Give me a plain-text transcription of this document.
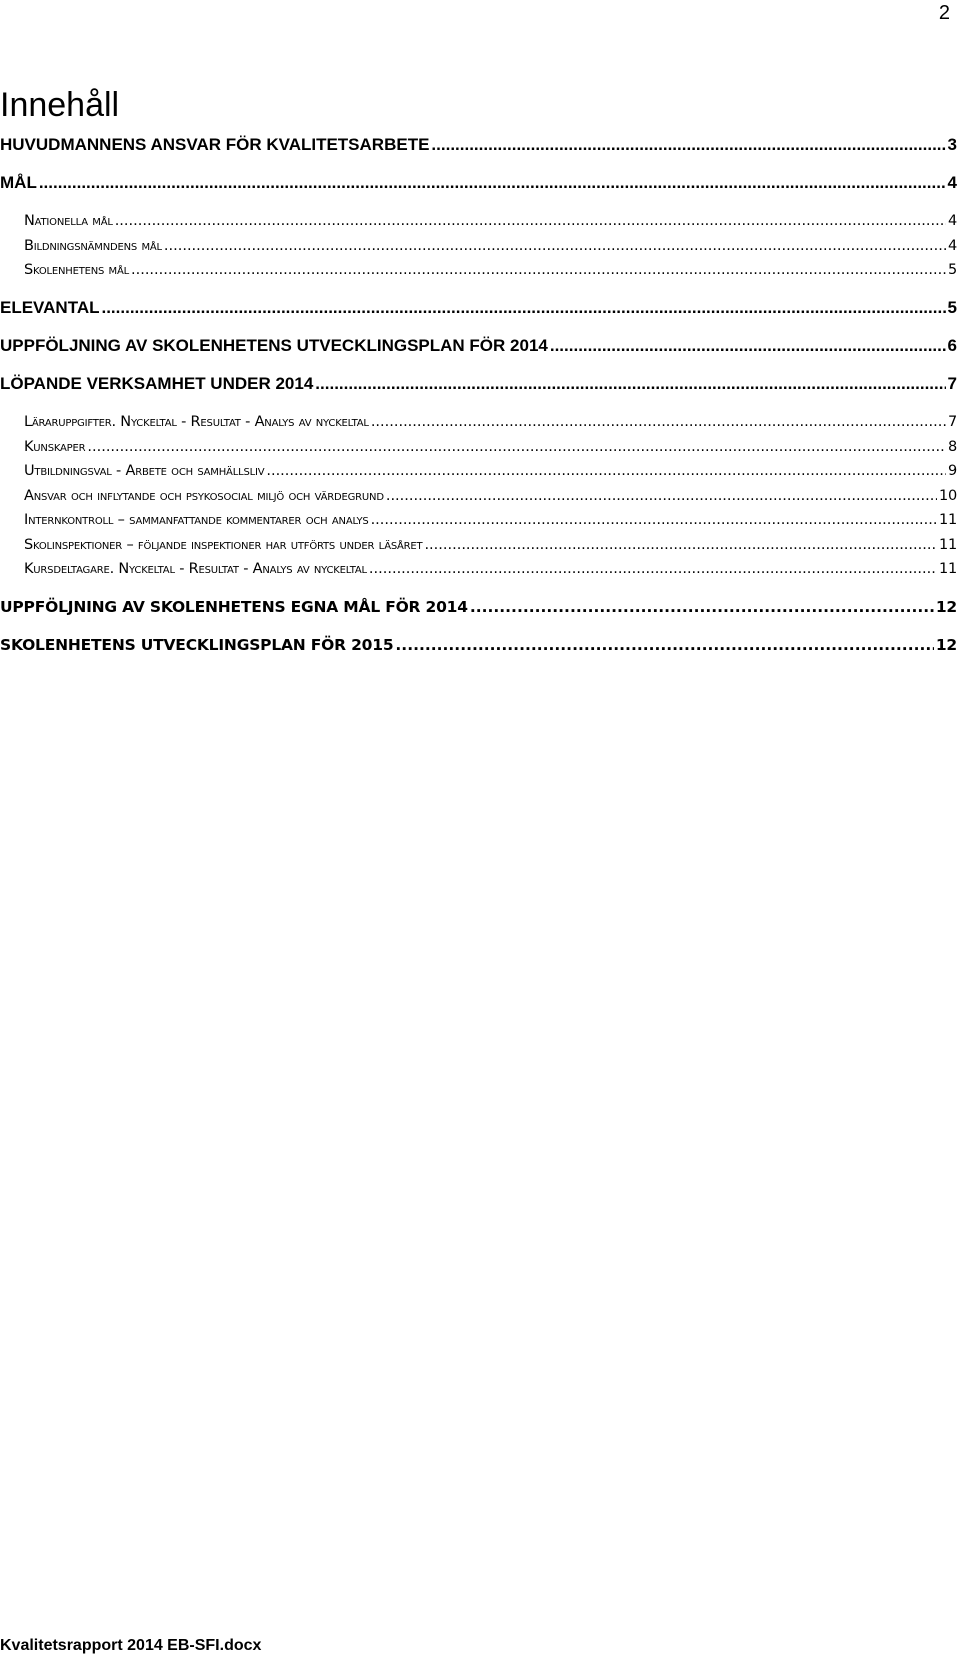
2
Innehåll
HUVUDMANNENS ANSVAR FÖR KVALITETSARBETE .....	3
MÅL .....	4
Nationella mål .....	4
Bildningsnämndens mål .....	4
Skolenhetens mål .....	5
ELEVANTAL .....	5
UPPFÖLJNING AV SKOLENHETENS UTVECKLINGSPLAN FÖR 2014 .....	6
LÖPANDE VERKSAMHET UNDER 2014 .....	7
Läraruppgifter. Nyckeltal - Resultat - Analys av nyckeltal .....	7
Kunskaper .....	8
Utbildningsval - Arbete och samhällsliv .....	9
Ansvar och inflytande och psykosocial miljö och värdegrund .....	10
Internkontroll – sammanfattande kommentarer och analys .....	11
Skolinspektioner – följande inspektioner har utförts under läsåret .....	11
Kursdeltagare. Nyckeltal - Resultat - Analys av nyckeltal .....	11
UPPFÖLJNING AV SKOLENHETENS EGNA MÅL FÖR 2014 .....	12
SKOLENHETENS UTVECKLINGSPLAN FÖR 2015 .....	12
Kvalitetsrapport 2014 EB-SFI.docx
